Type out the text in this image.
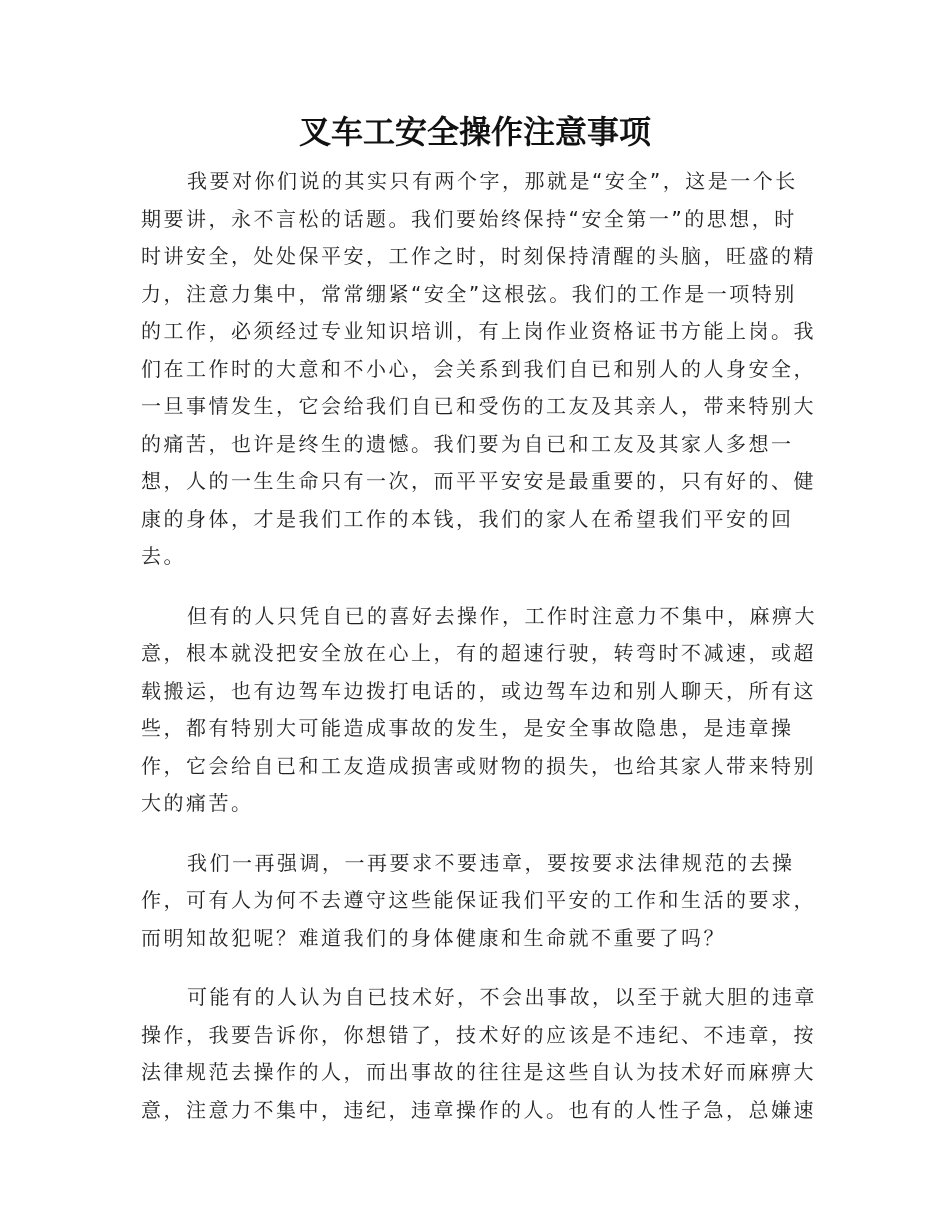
叉车工安全操作注意事项

我要对你们说的其实只有两个字，那就是“安全”，这是一个长
期要讲，永不言松的话题。我们要始终保持“安全第一”的思想，时
时讲安全，处处保平安，工作之时，时刻保持清醒的头脑，旺盛的精
力，注意力集中，常常绷紧“安全”这根弦。我们的工作是一项特别
的工作，必须经过专业知识培训，有上岗作业资格证书方能上岗。我
们在工作时的大意和不小心，会关系到我们自已和别人的人身安全，
一旦事情发生，它会给我们自已和受伤的工友及其亲人，带来特别大
的痛苦，也许是终生的遗憾。我们要为自已和工友及其家人多想一
想，人的一生生命只有一次，而平平安安是最重要的，只有好的、健
康的身体，才是我们工作的本钱，我们的家人在希望我们平安的回
去。

但有的人只凭自已的喜好去操作，工作时注意力不集中，麻痹大
意，根本就没把安全放在心上，有的超速行驶，转弯时不减速，或超
载搬运，也有边驾车边拨打电话的，或边驾车边和别人聊天，所有这
些，都有特别大可能造成事故的发生，是安全事故隐患，是违章操
作，它会给自已和工友造成损害或财物的损失，也给其家人带来特别
大的痛苦。

我们一再强调，一再要求不要违章，要按要求法律规范的去操
作，可有人为何不去遵守这些能保证我们平安的工作和生活的要求，
而明知故犯呢？难道我们的身体健康和生命就不重要了吗？

可能有的人认为自已技术好，不会出事故，以至于就大胆的违章
操作，我要告诉你，你想错了，技术好的应该是不违纪、不违章，按
法律规范去操作的人，而出事故的往往是这些自认为技术好而麻痹大
意，注意力不集中，违纪，违章操作的人。也有的人性子急，总嫌速
